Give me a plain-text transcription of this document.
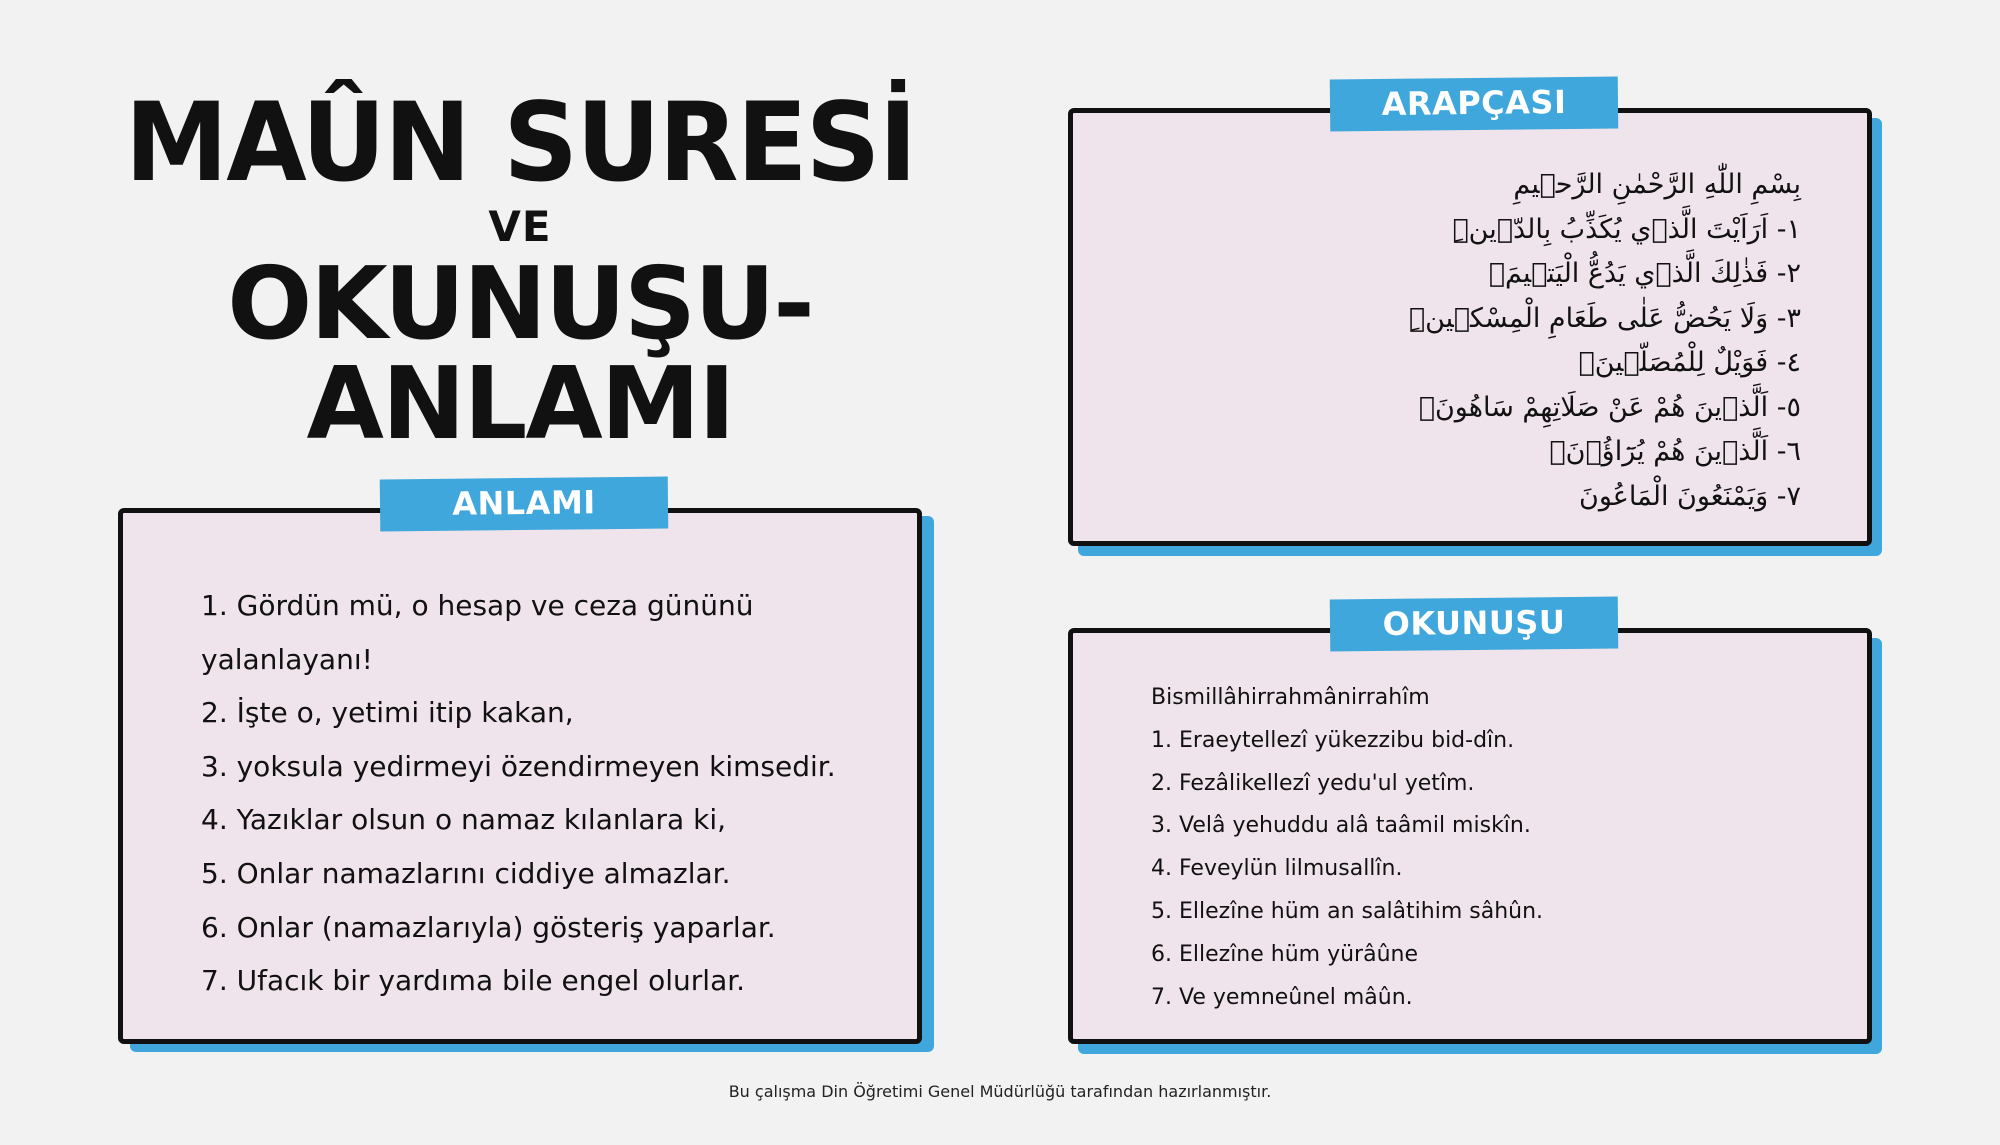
MAÛN SURESİ
VE
OKUNUŞU-ANLAMI
بِسْمِ اللّٰهِ الرَّحْمٰنِ الرَّح۪يمِ
١- اَرَاَيْتَ الَّذ۪ي يُكَذِّبُ بِالدّ۪ينِۜ
٢- فَذٰلِكَ الَّذ۪ي يَدُعُّ الْيَت۪يمَۙ
٣- وَلَا يَحُضُّ عَلٰى طَعَامِ الْمِسْك۪ينِۜ
٤- فَوَيْلٌ لِلْمُصَلّ۪ينَۙ
٥- اَلَّذ۪ينَ هُمْ عَنْ صَلَاتِهِمْ سَاهُونَۙ
٦- اَلَّذ۪ينَ هُمْ يُرَٓاؤُ۫نَۙ
٧- وَيَمْنَعُونَ الْمَاعُونَ
ARAPÇASI
1. Gördün mü, o hesap ve ceza gününü
yalanlayanı!
2. İşte o, yetimi itip kakan,
3. yoksula yedirmeyi özendirmeyen kimsedir.
4. Yazıklar olsun o namaz kılanlara ki,
5. Onlar namazlarını ciddiye almazlar.
6. Onlar (namazlarıyla) gösteriş yaparlar.
7. Ufacık bir yardıma bile engel olurlar.
ANLAMI
Bismillâhirrahmânirrahîm
1. Eraeytellezî yükezzibu bid-dîn.
2. Fezâlikellezî yedu'ul yetîm.
3. Velâ yehuddu alâ taâmil miskîn.
4. Feveylün lilmusallîn.
5. Ellezîne hüm an salâtihim sâhûn.
6. Ellezîne hüm yürâûne
7. Ve yemneûnel mâûn.
OKUNUŞU
Bu çalışma Din Öğretimi Genel Müdürlüğü tarafından hazırlanmıştır.
